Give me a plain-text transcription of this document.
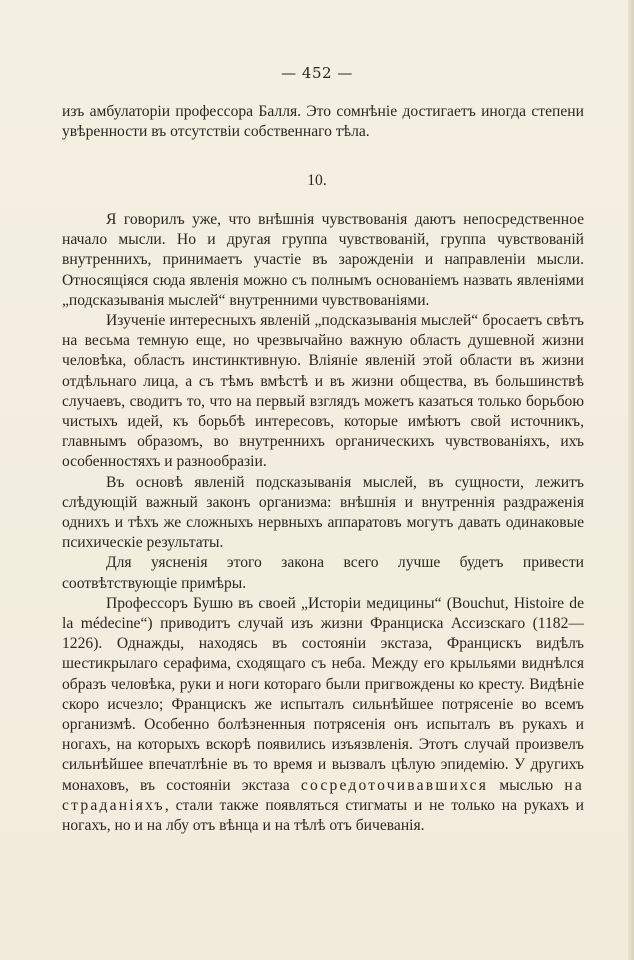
— 452 —
изъ амбулаторіи профессора Балля. Это сомнѣніе достигаетъ иногда степени увѣренности въ отсутствіи собственнаго тѣла.
10.

Я говорилъ уже, что внѣшнія чувствованія даютъ непосредственное начало мысли. Но и другая группа чувствованій, группа чувствованій внутреннихъ, принимаетъ участіе въ зарожденіи и направленіи мысли. Относящіяся сюда явленія можно съ полнымъ основаніемъ назвать явленіями „подсказыванія мыслей“ внутренними чувствованіями.

Изученіе интересныхъ явленій „подсказыванія мыслей“ бросаетъ свѣтъ на весьма темную еще, но чрезвычайно важную область душевной жизни человѣка, область инстинктивную. Вліяніе явленій этой области въ жизни отдѣльнаго лица, а съ тѣмъ вмѣстѣ и въ жизни общества, въ большинствѣ случаевъ, сводитъ то, что на первый взглядъ можетъ казаться только борьбою чистыхъ идей, къ борьбѣ интересовъ, которые имѣютъ свой источникъ, главнымъ образомъ, во внутреннихъ органическихъ чувствованіяхъ, ихъ особенностяхъ и разнообразіи.

Въ основѣ явленій подсказыванія мыслей, въ сущности, лежитъ слѣдующій важный законъ организма: внѣшнія и внутреннія раздраженія одниxъ и тѣхъ же сложныхъ нервныхъ аппаратовъ могутъ давать одинаковые психическіе результаты.

Для уясненія этого закона всего лучше будетъ привести соотвѣтствующіе примѣры.

Профессоръ Бушю въ своей „Исторіи медицины“ (Bouchut, Histoire de la médecine“) приводитъ случай изъ жизни Франциска Ассизскаго (1182—1226). Однажды, находясь въ состояніи экстаза, Францискъ видѣлъ шестикрылаго серафима, сходящаго съ неба. Между его крыльями виднѣлся образъ человѣка, руки и ноги котораго были пригвождены ко кресту. Видѣніе скоро исчезло; Францискъ же испыталъ сильнѣйшее потрясеніе во всемъ организмѣ. Особенно болѣзненныя потрясенія онъ испыталъ въ рукахъ и ногахъ, на которыхъ вскорѣ появились изъязвленія. Этотъ случай произвелъ сильнѣйшее впечатлѣніе въ то время и вызвалъ цѣлую эпидемію. У другихъ монаховъ, въ состояніи экстаза сосредоточивавшихся мыслью на страданіяхъ, стали также появляться стигматы и не только на рукахъ и ногахъ, но и на лбу отъ вѣнца и на тѣлѣ отъ бичеванія.
